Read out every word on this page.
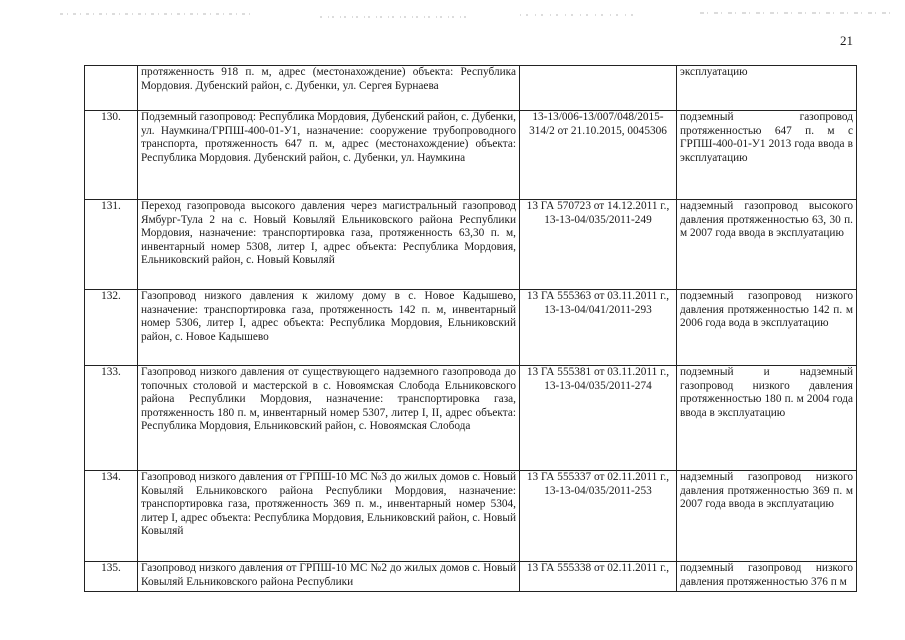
21
	протяженность 918 п. м, адрес (местонахождение) объекта: Республика Мордовия. Дубенский район, с. Дубенки, ул. Сергея Бурнаева		эксплуатацию
130.	Подземный газопровод: Республика Мордовия, Дубенский район, с. Дубенки, ул. Наумкина/ГРПШ-400-01-У1, назначение: сооружение трубопроводного транспорта, протяженность 647 п. м, адрес (местонахождение) объекта: Республика Мордовия. Дубенский район, с. Дубенки, ул. Наумкина	13-13/006-13/007/048/2015-314/2 от 21.10.2015, 0045306	подземный газопровод протяженностью 647 п. м с ГРПШ-400-01-У1 2013 года ввода в эксплуатацию
131.	Переход газопровода высокого давления через магистральный газопровод Ямбург-Тула 2 на с. Новый Ковыляй Ельниковского района Республики Мордовия, назначение: транспортировка газа, протяженность 63,30 п. м, инвентарный номер 5308, литер I, адрес объекта: Республика Мордовия, Ельниковский район, с. Новый Ковыляй	13 ГА 570723 от 14.12.2011 г., 13-13-04/035/2011-249	надземный газопровод высокого давления протяженностью 63, 30 п. м 2007 года ввода в эксплуатацию
132.	Газопровод низкого давления к жилому дому в с. Новое Кадышево, назначение: транспортировка газа, протяженность 142 п. м, инвентарный номер 5306, литер I, адрес объекта: Республика Мордовия, Ельниковский район, с. Новое Кадышево	13 ГА 555363 от 03.11.2011 г., 13-13-04/041/2011-293	подземный газопровод низкого давления протяженностью 142 п. м 2006 года вода в эксплуатацию
133.	Газопровод низкого давления от существующего надземного газопровода до топочных столовой и мастерской в с. Новоямская Слобода Ельниковского района Республики Мордовия, назначение: транспортировка газа, протяженность 180 п. м, инвентарный номер 5307, литер I, II, адрес объекта: Республика Мордовия, Ельниковский район, с. Новоямская Слобода	13 ГА 555381 от 03.11.2011 г., 13-13-04/035/2011-274	подземный и надземный газопровод низкого давления протяженностью 180 п. м 2004 года ввода в эксплуатацию
134.	Газопровод низкого давления от ГРПШ-10 МС №3 до жилых домов с. Новый Ковыляй Ельниковского района Республики Мордовия, назначение: транспортировка газа, протяженность 369 п. м., инвентарный номер 5304, литер I, адрес объекта: Республика Мордовия, Ельниковский район, с. Новый Ковыляй	13 ГА 555337 от 02.11.2011 г., 13-13-04/035/2011-253	надземный газопровод низкого давления протяженностью 369 п. м 2007 года ввода в эксплуатацию
135.	Газопровод низкого давления от ГРПШ-10 МС №2 до жилых домов с. Новый Ковыляй Ельниковского района Республики	13 ГА 555338 от 02.11.2011 г.,	подземный газопровод низкого давления протяженностью 376 п м
